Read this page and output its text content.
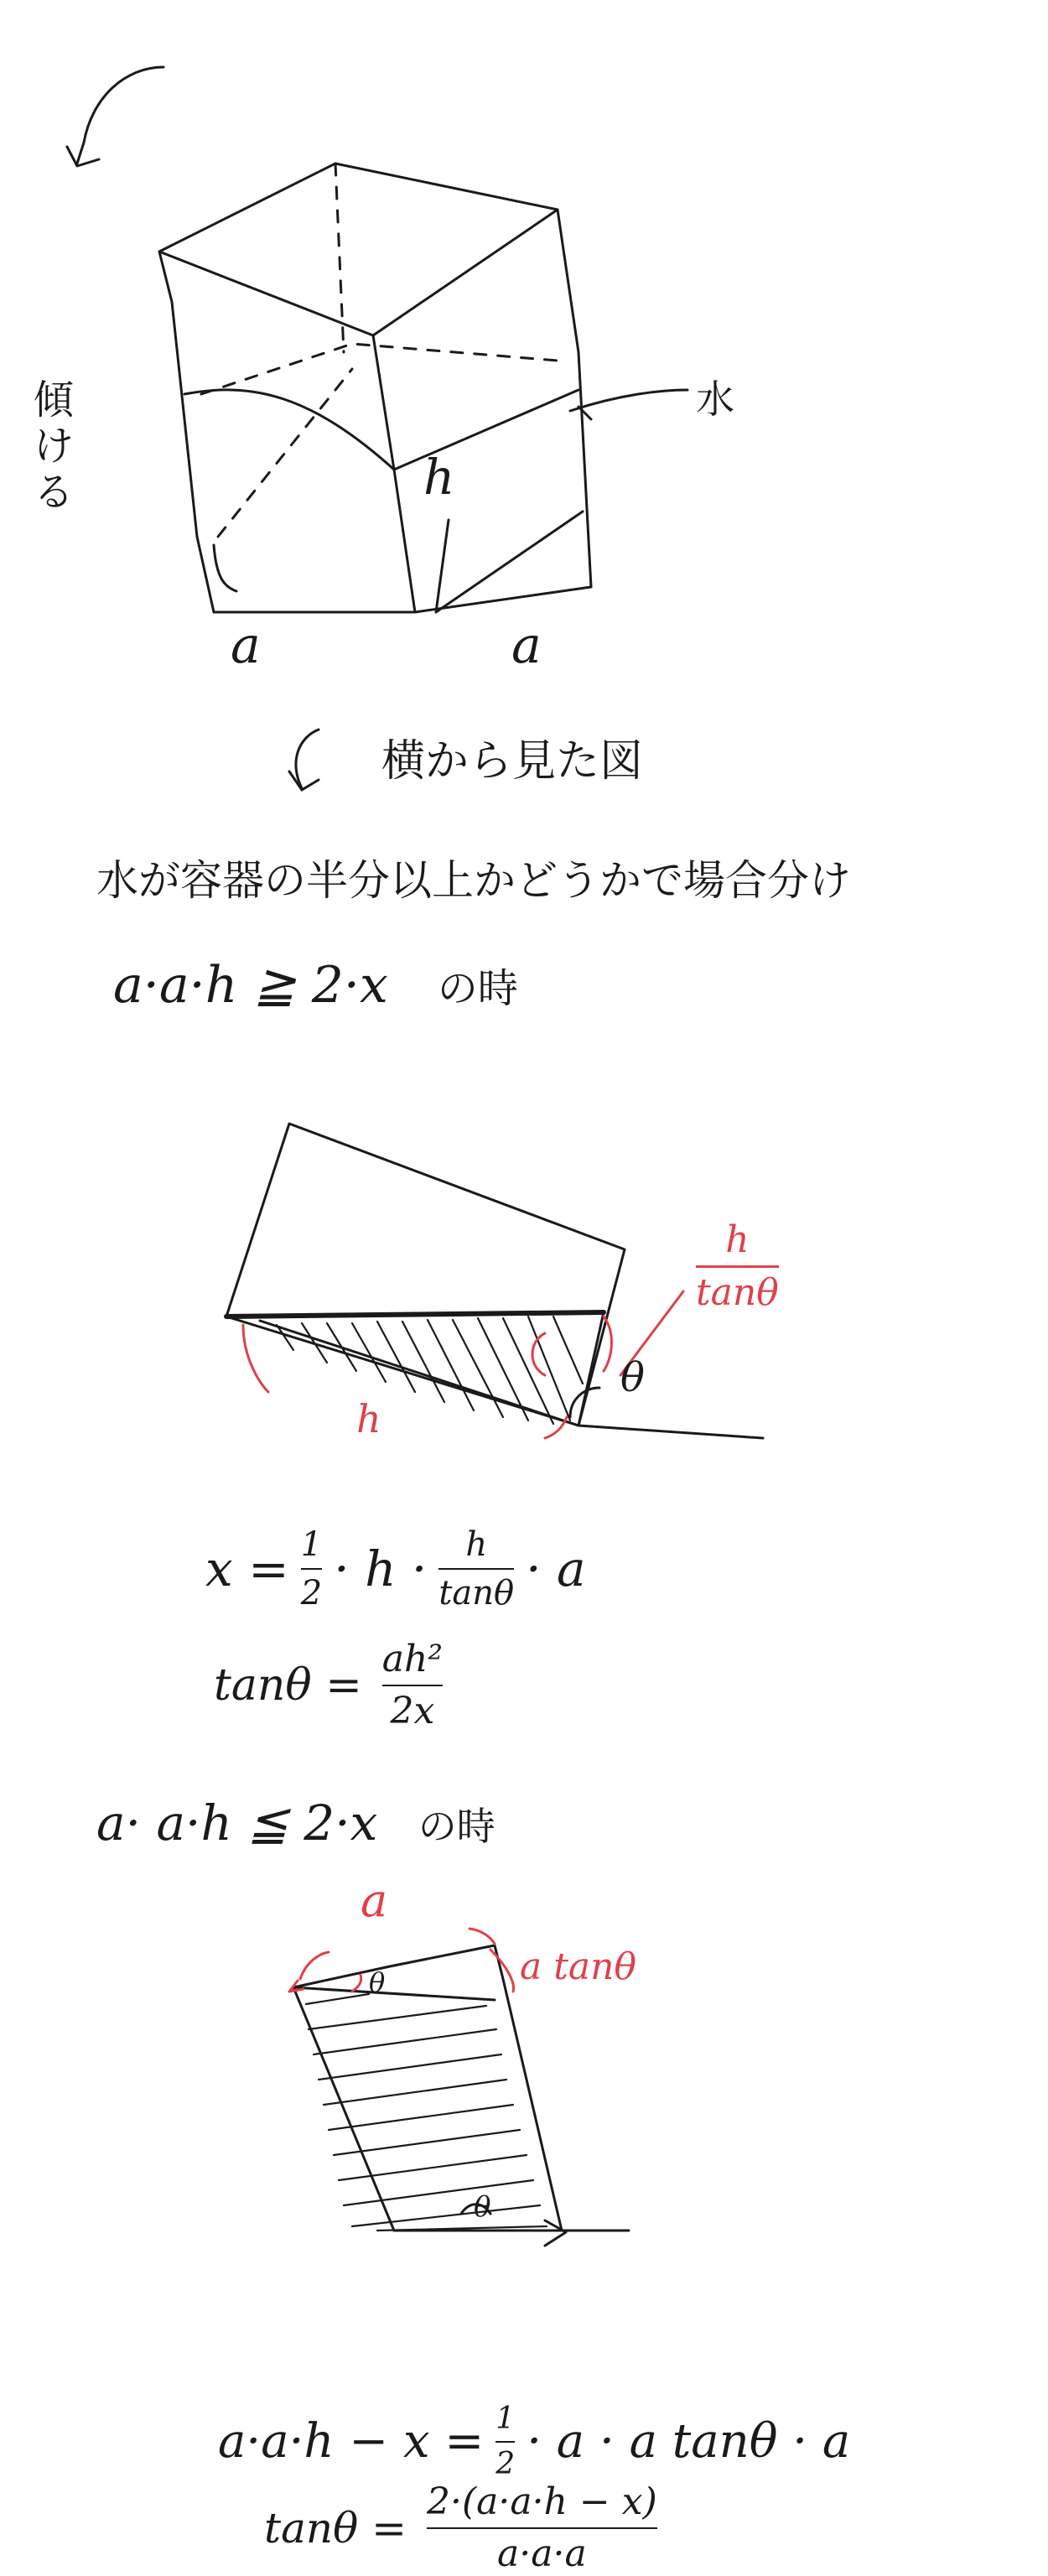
傾ける
水
a	a
h
横から見た図
水が容器の半分以上かどうかで場合分け
a·a·h ≧ 2·x の時
h
tanθ
h
θ
$x = \frac{1}{2} \cdot h \cdot \frac{h}{\tan\theta} \cdot a$
$\tan\theta = \frac{\text{ah²}}{2x}$
a· a·h ≦ 2·x の時
a
a tanθ
θ
θ
$a\cdot a\cdot h - x = \frac{1}{2} \cdot a \cdot a$ tanθ · a
$\tan\theta = \frac{2\cdot(a\cdot a\cdot h - x)}{a\cdot a\cdot a}$
